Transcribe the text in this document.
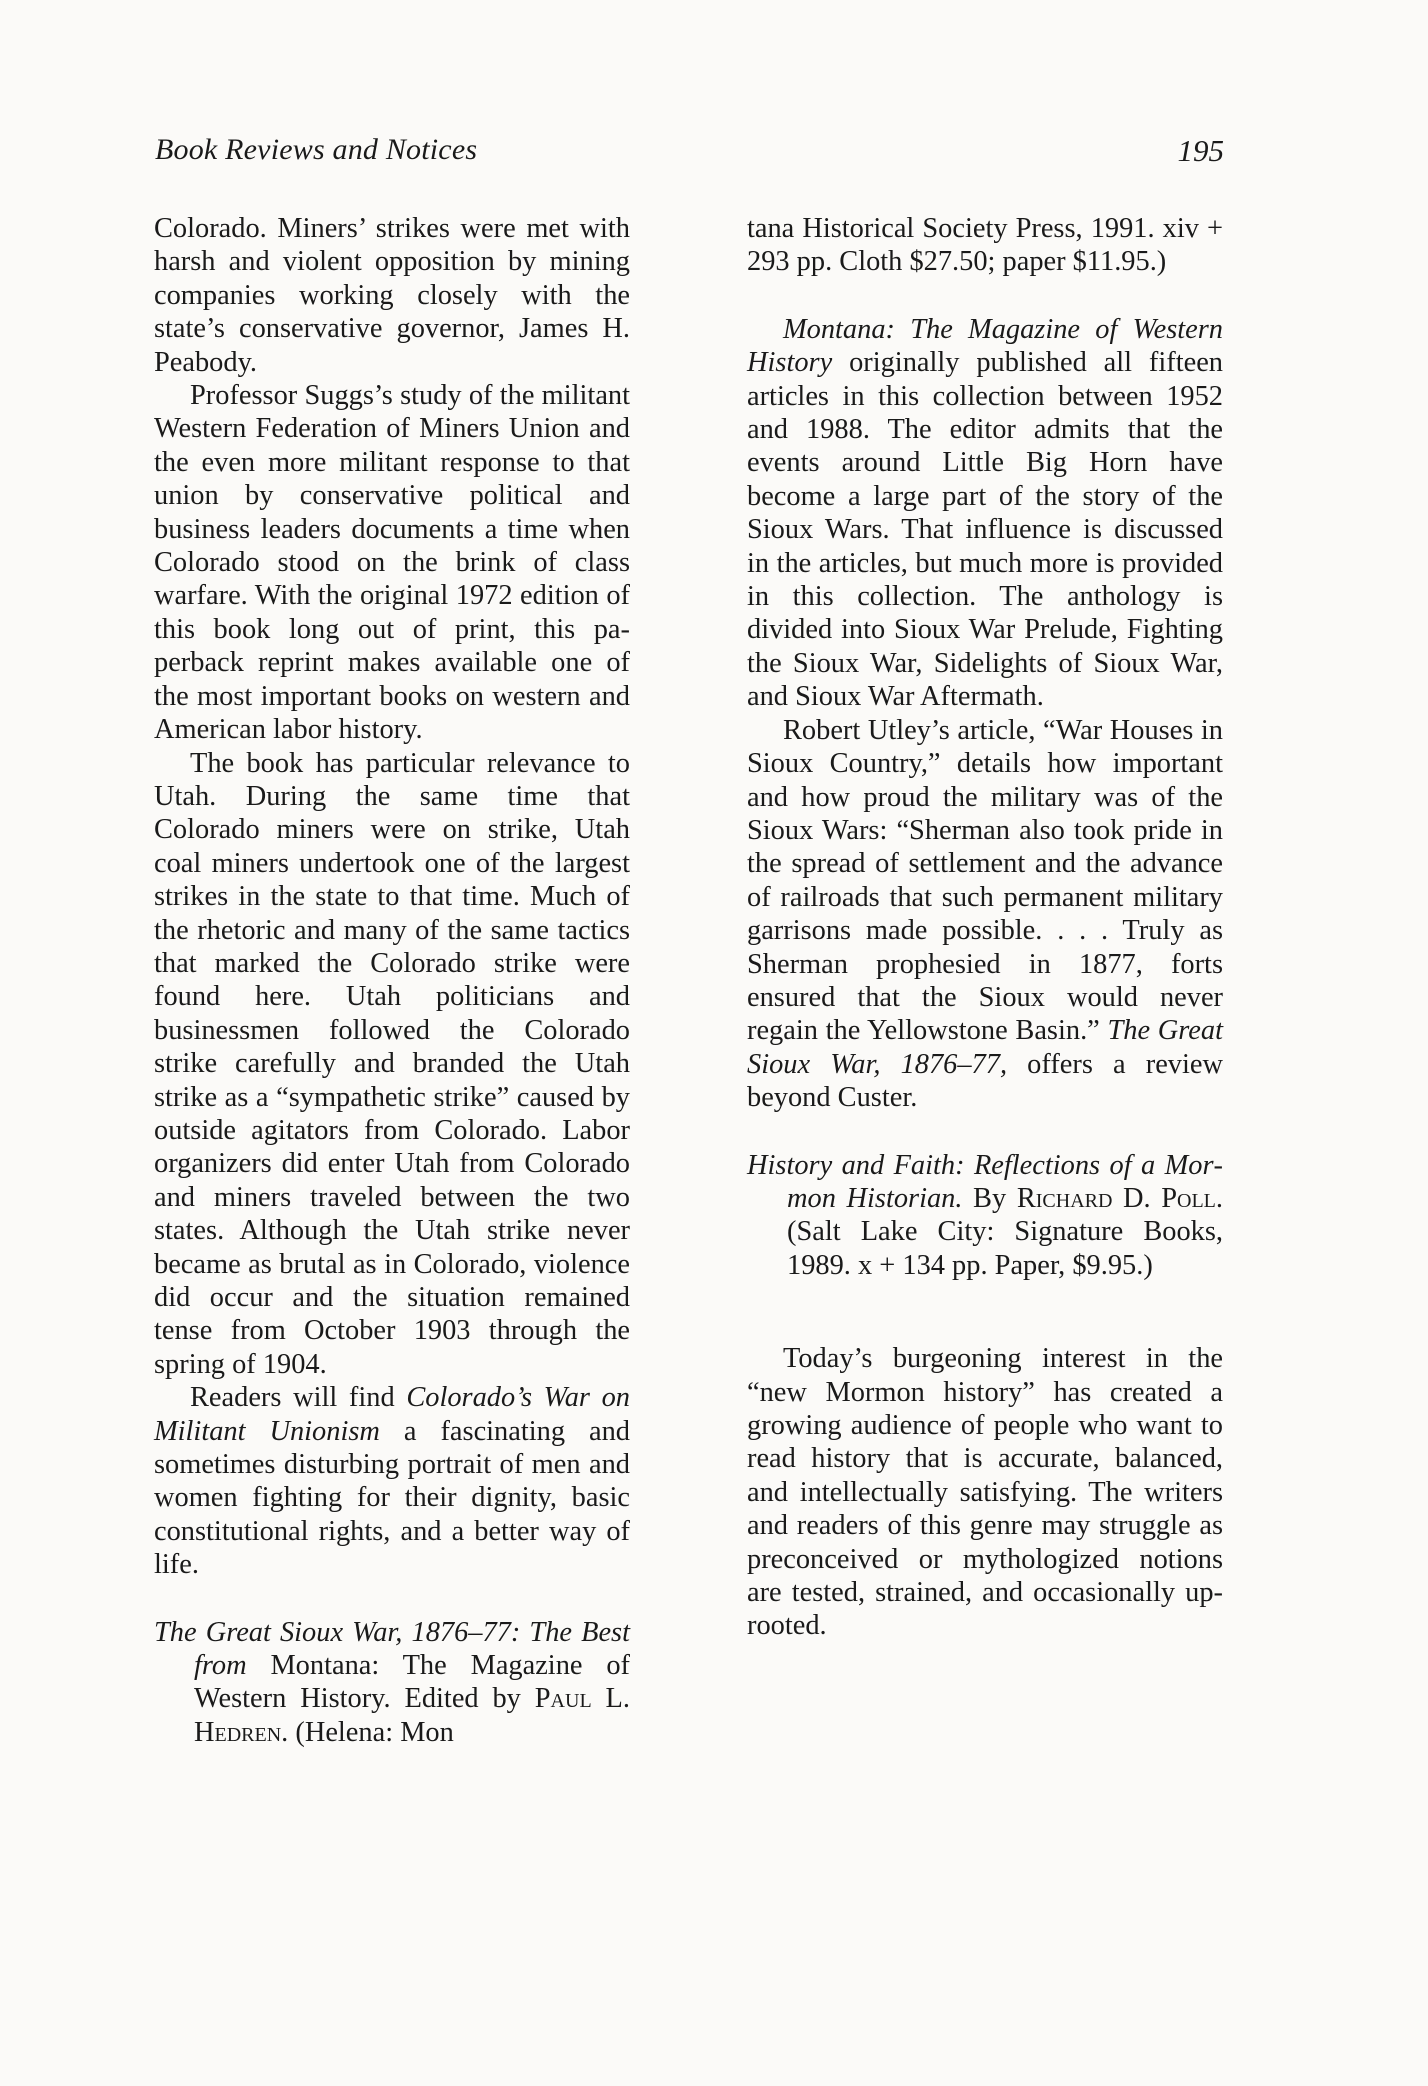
Book Reviews and Notices	195

Colorado. Miners’ strikes were met with harsh and violent opposition by mining companies working closely with the state’s conservative governor, James H. Peabody.

Professor Suggs’s study of the militant Western Federation of Miners Union and the even more militant response to that union by conservative political and business leaders documents a time when Colorado stood on the brink of class warfare. With the original 1972 edition of this book long out of print, this paperback reprint makes available one of the most important books on western and American labor history.

The book has particular relevance to Utah. During the same time that Colorado miners were on strike, Utah coal miners undertook one of the largest strikes in the state to that time. Much of the rhetoric and many of the same tactics that marked the Colorado strike were found here. Utah politicians and businessmen followed the Colorado strike carefully and branded the Utah strike as a “sympathetic strike” caused by outside agitators from Colorado. Labor organizers did enter Utah from Colorado and miners traveled between the two states. Although the Utah strike never became as brutal as in Colorado, violence did occur and the situation remained tense from October 1903 through the spring of 1904.

Readers will find Colorado’s War on Militant Unionism a fascinating and sometimes disturbing portrait of men and women fighting for their dignity, basic constitutional rights, and a better way of life.

The Great Sioux War, 1876–77: The Best from Montana: The Magazine of Western History. Edited by Paul L. Hedren. (Helena: Mon

tana Historical Society Press, 1991. xiv + 293 pp. Cloth $27.50; paper $11.95.)

Montana: The Magazine of Western History originally published all fifteen articles in this collection between 1952 and 1988. The editor admits that the events around Little Big Horn have become a large part of the story of the Sioux Wars. That influence is discussed in the articles, but much more is provided in this collection. The anthology is divided into Sioux War Prelude, Fighting the Sioux War, Sidelights of Sioux War, and Sioux War Aftermath.

Robert Utley’s article, “War Houses in Sioux Country,” details how important and how proud the military was of the Sioux Wars: “Sherman also took pride in the spread of settlement and the advance of railroads that such permanent military garrisons made possible. . . . Truly as Sherman prophesied in 1877, forts ensured that the Sioux would never regain the Yellowstone Basin.” The Great Sioux War, 1876–77, offers a review beyond Custer.

History and Faith: Reflections of a Mormon Historian. By Richard D. Poll. (Salt Lake City: Signature Books, 1989. x + 134 pp. Paper, $9.95.)

Today’s burgeoning interest in the “new Mormon history” has created a growing audience of people who want to read history that is accurate, balanced, and intellectually satisfying. The writers and readers of this genre may struggle as preconceived or mythologized notions are tested, strained, and occasionally uprooted.
